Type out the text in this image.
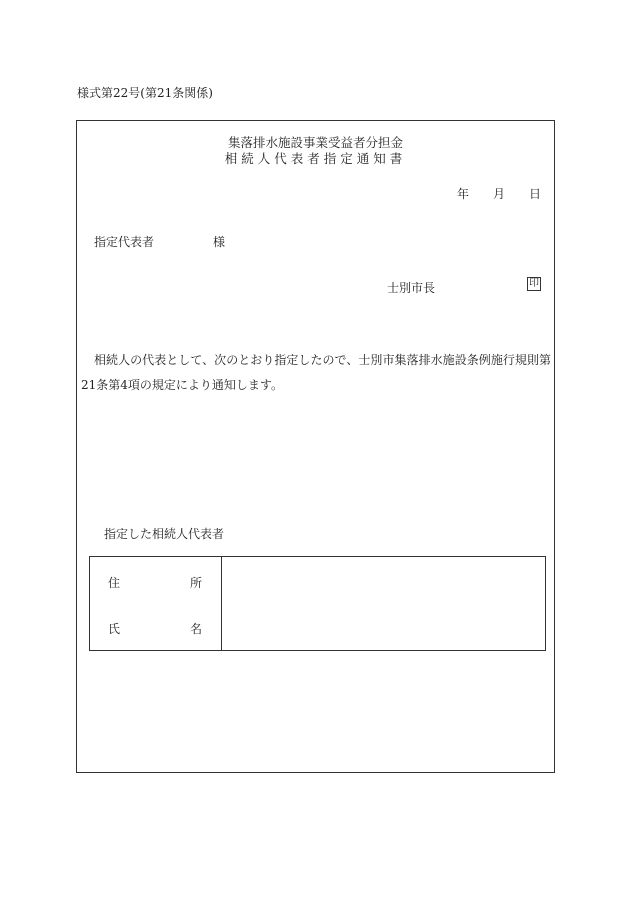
様式第22号(第21条関係)
集落排水施設事業受益者分担金
相続人代表者指定通知書
年 月 日
指定代表者	様
士別市長	印

相続人の代表として、次のとおり指定したので、士別市集落排水施設条例施行規則第21条第4項の規定により通知します。

指定した相続人代表者
住	所
氏	名
